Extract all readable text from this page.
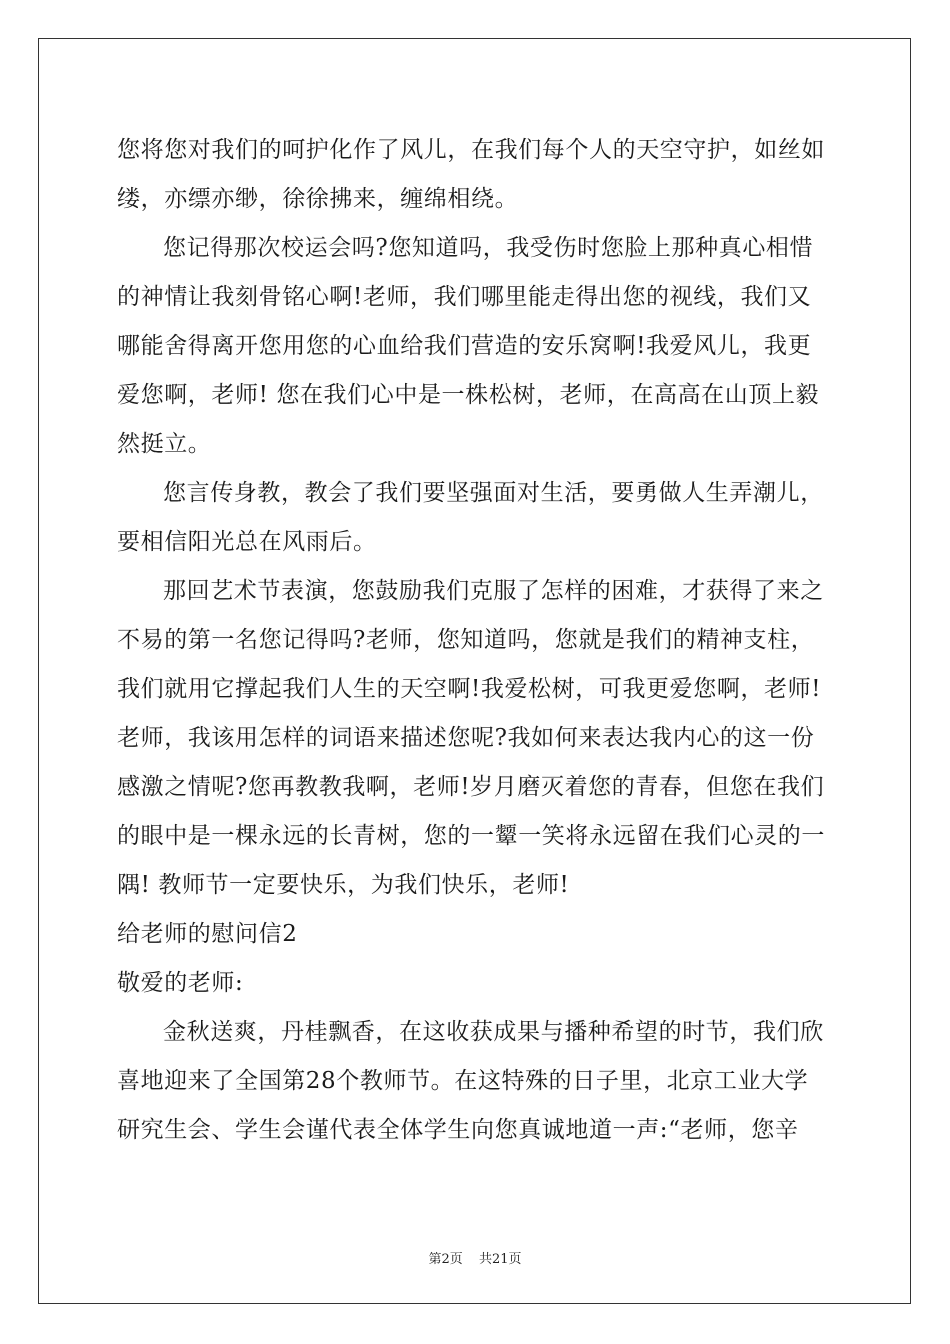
您将您对我们的呵护化作了风儿，在我们每个人的天空守护，如丝如
缕，亦缥亦缈，徐徐拂来，缠绵相绕。
您记得那次校运会吗?您知道吗，我受伤时您脸上那种真心相惜
的神情让我刻骨铭心啊!老师，我们哪里能走得出您的视线，我们又
哪能舍得离开您用您的心血给我们营造的安乐窝啊!我爱风儿，我更
爱您啊，老师! 您在我们心中是一株松树，老师，在高高在山顶上毅
然挺立。
您言传身教，教会了我们要坚强面对生活，要勇做人生弄潮儿，
要相信阳光总在风雨后。
那回艺术节表演，您鼓励我们克服了怎样的困难，才获得了来之
不易的第一名您记得吗?老师，您知道吗，您就是我们的精神支柱，
我们就用它撑起我们人生的天空啊!我爱松树，可我更爱您啊，老师!
老师，我该用怎样的词语来描述您呢?我如何来表达我内心的这一份
感激之情呢?您再教教我啊，老师!岁月磨灭着您的青春，但您在我们
的眼中是一棵永远的长青树，您的一颦一笑将永远留在我们心灵的一
隅! 教师节一定要快乐，为我们快乐，老师!
给老师的慰问信2
敬爱的老师:
金秋送爽，丹桂飘香，在这收获成果与播种希望的时节，我们欣
喜地迎来了全国第28个教师节。在这特殊的日子里，北京工业大学
研究生会、学生会谨代表全体学生向您真诚地道一声:“老师，您辛
第2页 共21页
